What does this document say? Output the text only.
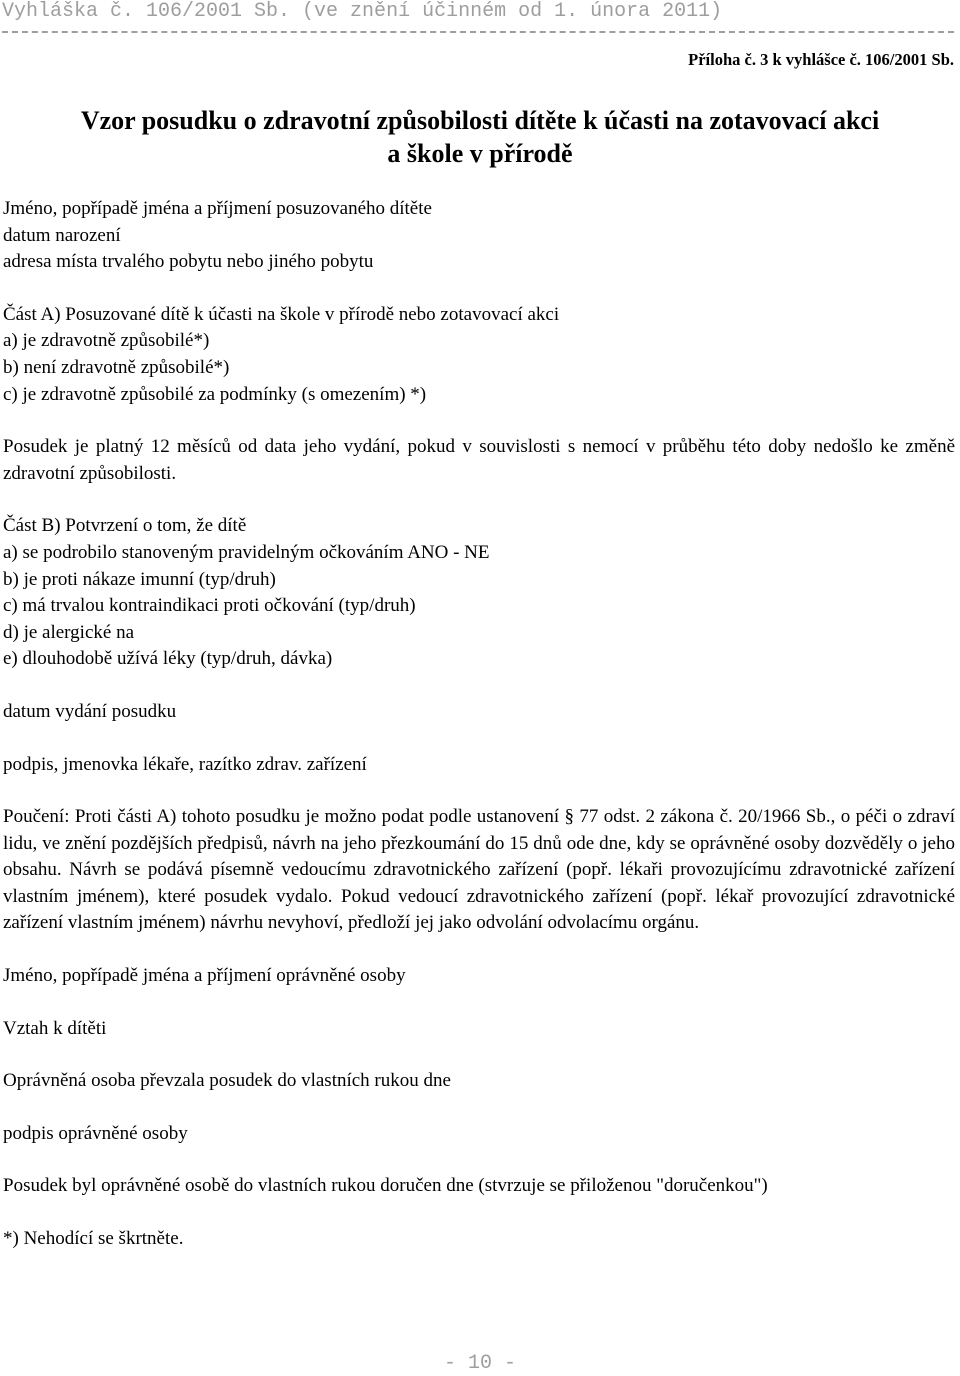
Vyhláška č. 106/2001 Sb. (ve znění účinném od 1. února 2011)
Příloha č. 3 k vyhlášce č. 106/2001 Sb.
Vzor posudku o zdravotní způsobilosti dítěte k účasti na zotavovací akci
a škole v přírodě

Jméno, popřípadě jména a příjmení posuzovaného dítěte

datum narození

adresa místa trvalého pobytu nebo jiného pobytu

Část A) Posuzované dítě k účasti na škole v přírodě nebo zotavovací akci

a) je zdravotně způsobilé*)

b) není zdravotně způsobilé*)

c) je zdravotně způsobilé za podmínky (s omezením) *)

Posudek je platný 12 měsíců od data jeho vydání, pokud v souvislosti s nemocí v průběhu této doby nedošlo ke změně zdravotní způsobilosti.

Část B) Potvrzení o tom, že dítě

a) se podrobilo stanoveným pravidelným očkováním ANO - NE

b) je proti nákaze imunní (typ/druh)

c) má trvalou kontraindikaci proti očkování (typ/druh)

d) je alergické na

e) dlouhodobě užívá léky (typ/druh, dávka)

datum vydání posudku

podpis, jmenovka lékaře, razítko zdrav. zařízení

Poučení: Proti části A) tohoto posudku je možno podat podle ustanovení § 77 odst. 2 zákona č. 20/1966 Sb., o péči o zdraví lidu, ve znění pozdějších předpisů, návrh na jeho přezkoumání do 15 dnů ode dne, kdy se oprávněné osoby dozvěděly o jeho obsahu. Návrh se podává písemně vedoucímu zdravotnického zařízení (popř. lékaři provozujícímu zdravotnické zařízení vlastním jménem), které posudek vydalo. Pokud vedoucí zdravotnického zařízení (popř. lékař provozující zdravotnické zařízení vlastním jménem) návrhu nevyhoví, předloží jej jako odvolání odvolacímu orgánu.

Jméno, popřípadě jména a příjmení oprávněné osoby

Vztah k dítěti

Oprávněná osoba převzala posudek do vlastních rukou dne

podpis oprávněné osoby

Posudek byl oprávněné osobě do vlastních rukou doručen dne (stvrzuje se přiloženou "doručenkou")

*) Nehodící se škrtněte.

- 10 -
